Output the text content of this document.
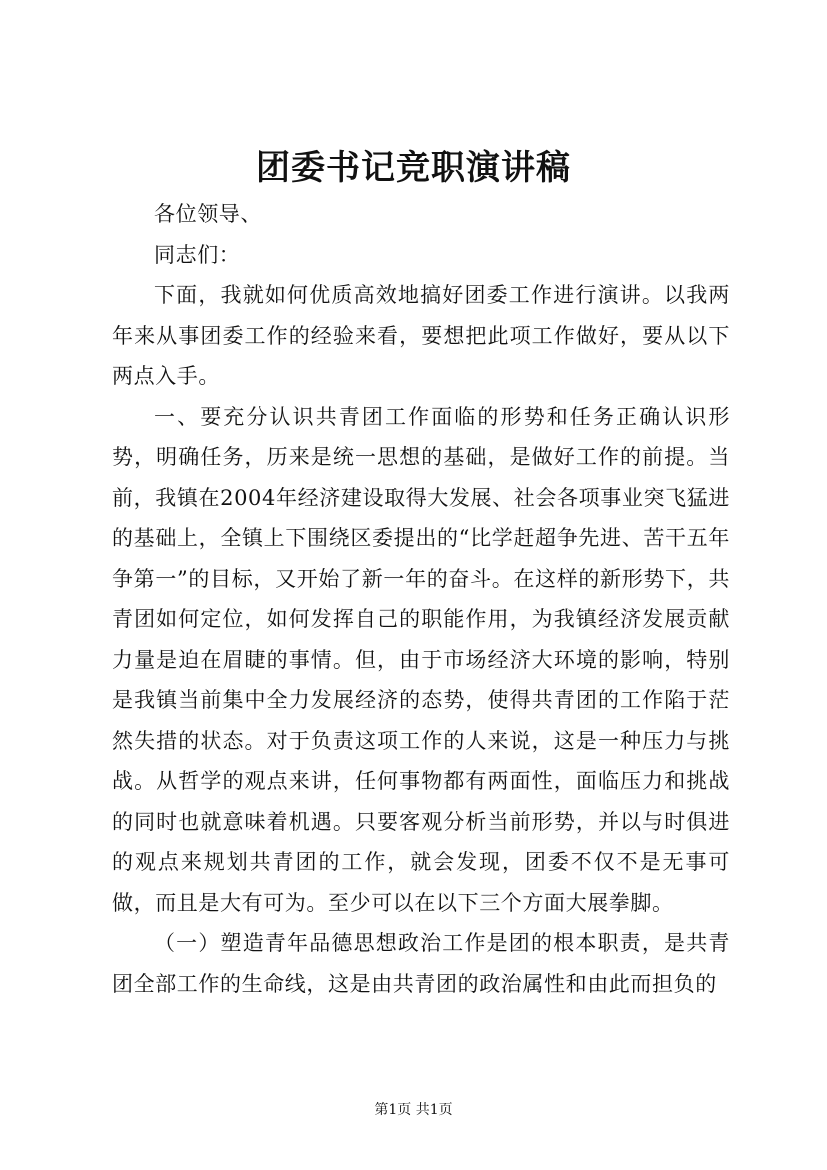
团委书记竞职演讲稿

各位领导、

同志们：

下面，我就如何优质高效地搞好团委工作进行演讲。以我两年来从事团委工作的经验来看，要想把此项工作做好，要从以下两点入手。

一、要充分认识共青团工作面临的形势和任务正确认识形势，明确任务，历来是统一思想的基础，是做好工作的前提。当前，我镇在2004年经济建设取得大发展、社会各项事业突飞猛进的基础上，全镇上下围绕区委提出的“比学赶超争先进、苦干五年争第一”的目标，又开始了新一年的奋斗。在这样的新形势下，共青团如何定位，如何发挥自己的职能作用，为我镇经济发展贡献力量是迫在眉睫的事情。但，由于市场经济大环境的影响，特别是我镇当前集中全力发展经济的态势，使得共青团的工作陷于茫然失措的状态。对于负责这项工作的人来说，这是一种压力与挑战。从哲学的观点来讲，任何事物都有两面性，面临压力和挑战的同时也就意味着机遇。只要客观分析当前形势，并以与时俱进的观点来规划共青团的工作，就会发现，团委不仅不是无事可做，而且是大有可为。至少可以在以下三个方面大展拳脚。

（一）塑造青年品德思想政治工作是团的根本职责，是共青团全部工作的生命线，这是由共青团的政治属性和由此而担负的

第1页 共1页
